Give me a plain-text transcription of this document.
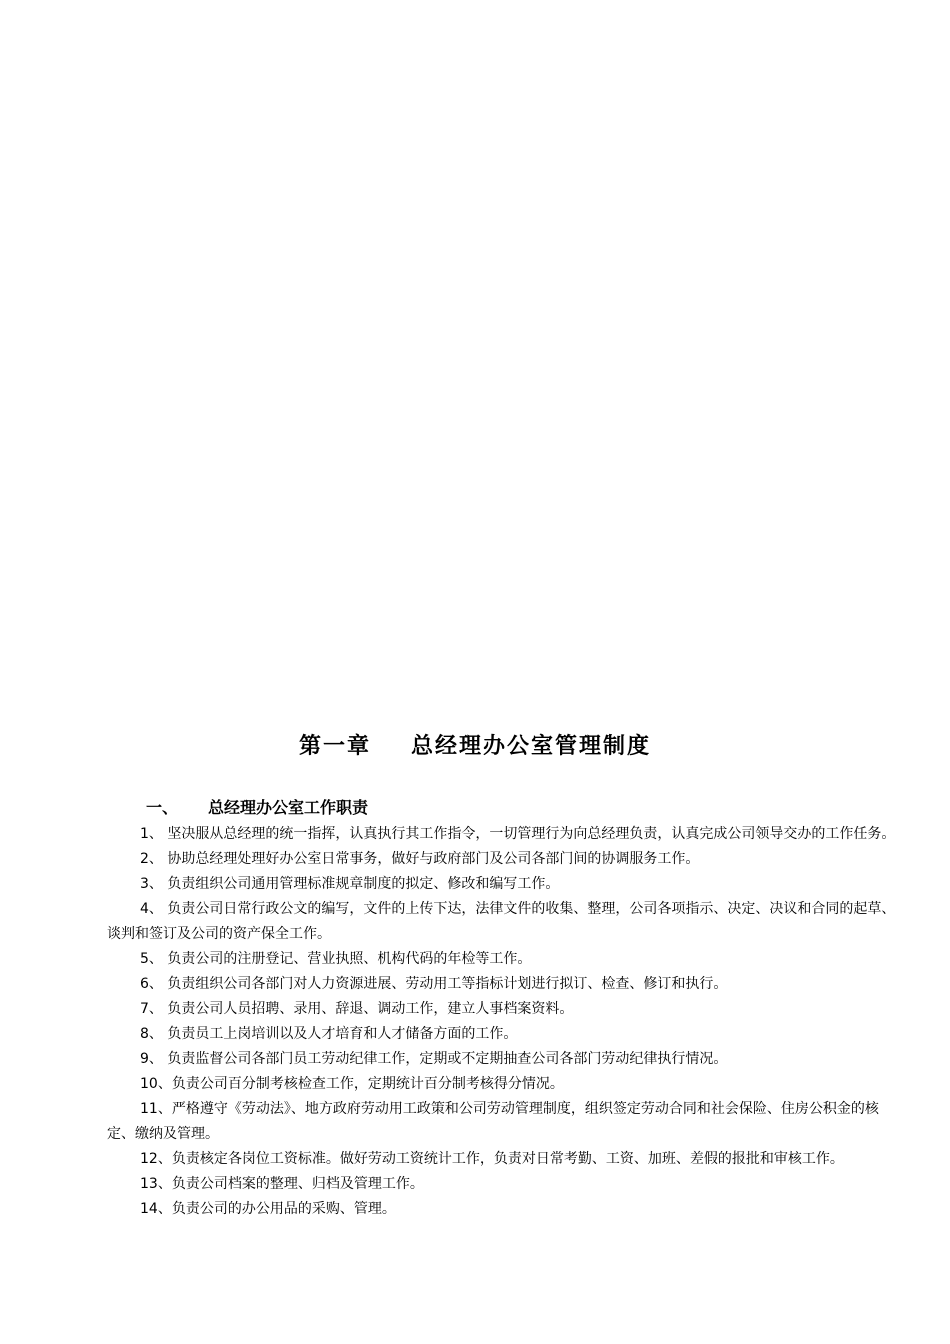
第一章 总经理办公室管理制度
一、 总经理办公室工作职责

1、 坚决服从总经理的统一指挥，认真执行其工作指令，一切管理行为向总经理负责，认真完成公司领导交办的工作任务。

2、 协助总经理处理好办公室日常事务，做好与政府部门及公司各部门间的协调服务工作。

3、 负责组织公司通用管理标准规章制度的拟定、修改和编写工作。

4、 负责公司日常行政公文的编写，文件的上传下达，法律文件的收集、整理，公司各项指示、决定、决议和合同的起草、谈判和签订及公司的资产保全工作。

5、 负责公司的注册登记、营业执照、机构代码的年检等工作。

6、 负责组织公司各部门对人力资源进展、劳动用工等指标计划进行拟订、检查、修订和执行。

7、 负责公司人员招聘、录用、辞退、调动工作，建立人事档案资料。

8、 负责员工上岗培训以及人才培育和人才储备方面的工作。

9、 负责监督公司各部门员工劳动纪律工作，定期或不定期抽查公司各部门劳动纪律执行情况。

10、负责公司百分制考核检查工作，定期统计百分制考核得分情况。

11、严格遵守《劳动法》、地方政府劳动用工政策和公司劳动管理制度，组织签定劳动合同和社会保险、住房公积金的核定、缴纳及管理。

12、负责核定各岗位工资标准。做好劳动工资统计工作，负责对日常考勤、工资、加班、差假的报批和审核工作。

13、负责公司档案的整理、归档及管理工作。

14、负责公司的办公用品的采购、管理。
